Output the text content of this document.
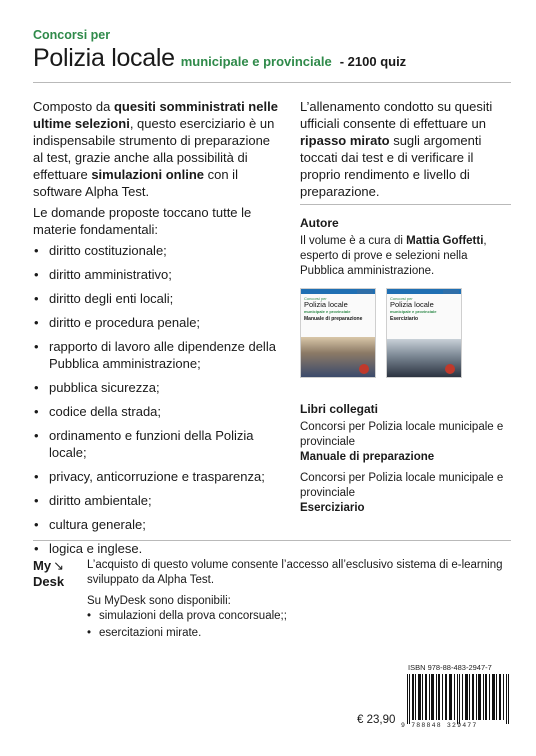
Concorsi per
Polizia locale municipale e provinciale - 2100 quiz

Composto da quesiti somministrati nelle ultime selezioni, questo eserciziario è un indispensabile strumento di preparazione al test, grazie anche alla possibilità di effettuare simulazioni online con il software Alpha Test.

Le domande proposte toccano tutte le materie fondamentali:

• diritto costituzionale;
• diritto amministrativo;
• diritto degli enti locali;
• diritto e procedura penale;
• rapporto di lavoro alle dipendenze della Pubblica amministrazione;
• pubblica sicurezza;
• codice della strada;
• ordinamento e funzioni della Polizia locale;
• privacy, anticorruzione e trasparenza;
• diritto ambientale;
• cultura generale;
• logica e inglese.
L’allenamento condotto su quesiti ufficiali consente di effettuare un ripasso mirato sugli argomenti toccati dai test e di verificare il proprio rendimento e livello di preparazione.
Autore
Il volume è a cura di Mattia Goffetti, esperto di prove e selezioni nella Pubblica amministrazione.
Concorsi per
Polizia locale
municipale e provinciale
Manuale di preparazione
Concorsi per
Polizia locale
municipale e provinciale
Eserciziario
Libri collegati
Concorsi per Polizia locale municipale e provinciale
Manuale di preparazione
Concorsi per Polizia locale municipale e provinciale
Eserciziario
My ↘
Desk

L’acquisto di questo volume consente l’accesso all’esclusivo sistema di e-learning sviluppato da Alpha Test.

Su MyDesk sono disponibili:
• simulazioni della prova concorsuale;;
• esercitazioni mirate.
ISBN 978-88-483-2947-7
9 788848 329477
€ 23,90
